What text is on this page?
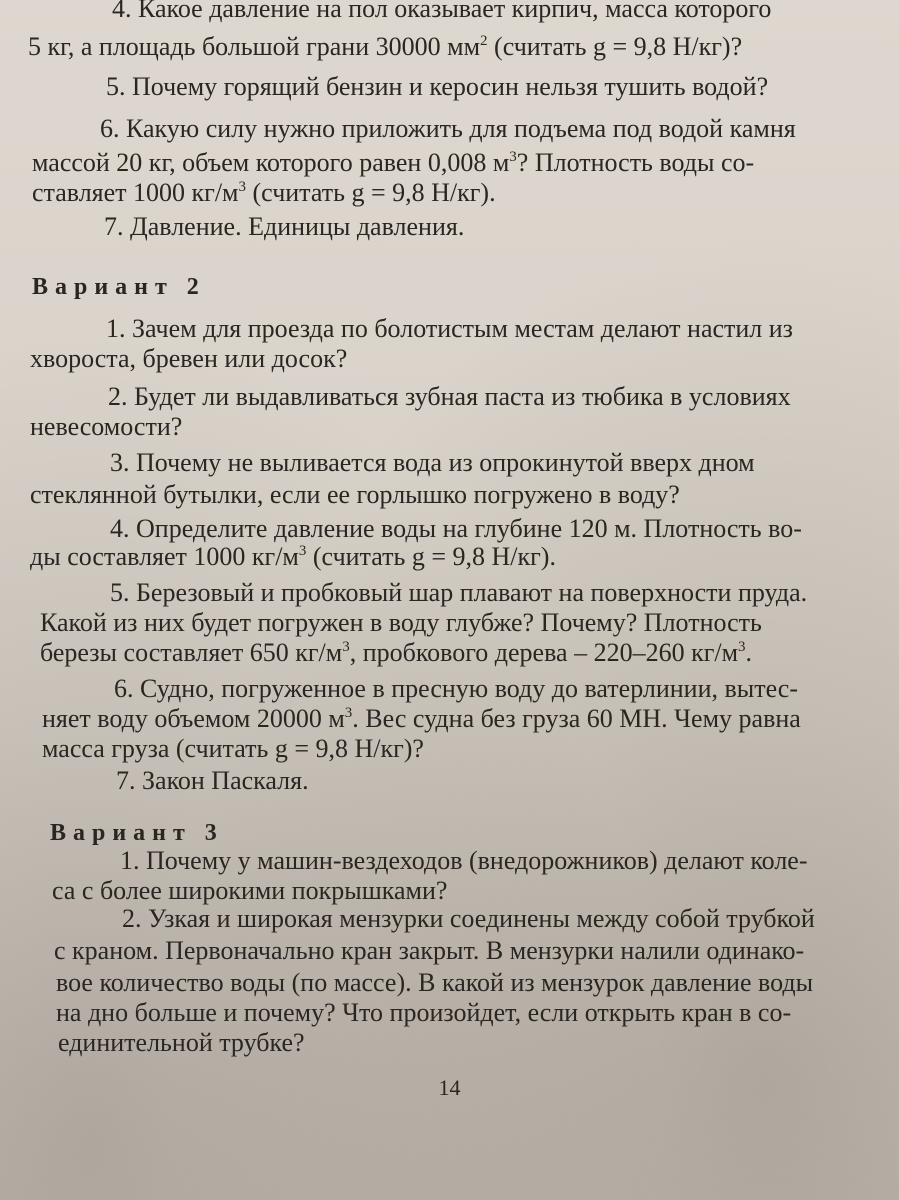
4. Какое давление на пол оказывает кирпич, масса которого
5 кг, а площадь большой грани 30000 $мм^2$ (считать g = 9,8 Н/кг)?
5. Почему горящий бензин и керосин нельзя тушить водой?
6. Какую силу нужно приложить для подъема под водой камня
массой 20 кг, объем которого равен 0,008 $м^3$? Плотность воды со-
ставляет 1000 $кг/м^3$ (считать g = 9,8 Н/кг).
7. Давление. Единицы давления.
Вариант 2
1. Зачем для проезда по болотистым местам делают настил из
хвороста, бревен или досок?
2. Будет ли выдавливаться зубная паста из тюбика в условиях
невесомости?
3. Почему не выливается вода из опрокинутой вверх дном
стеклянной бутылки, если ее горлышко погружено в воду?
4. Определите давление воды на глубине 120 м. Плотность во-
ды составляет 1000 $кг/м^3$ (считать g = 9,8 Н/кг).
5. Березовый и пробковый шар плавают на поверхности пруда.
Какой из них будет погружен в воду глубже? Почему? Плотность
березы составляет 650 $кг/м^3$, пробкового дерева – 220–260 $кг/м^3$.
6. Судно, погруженное в пресную воду до ватерлинии, вытес-
няет воду объемом 20000 $м^3$. Вес судна без груза 60 МН. Чему равна
масса груза (считать g = 9,8 Н/кг)?
7. Закон Паскаля.
Вариант 3
1. Почему у машин-вездеходов (внедорожников) делают коле-
са с более широкими покрышками?
2. Узкая и широкая мензурки соединены между собой трубкой
с краном. Первоначально кран закрыт. В мензурки налили одинако-
вое количество воды (по массе). В какой из мензурок давление воды
на дно больше и почему? Что произойдет, если открыть кран в со-
единительной трубке?
14
